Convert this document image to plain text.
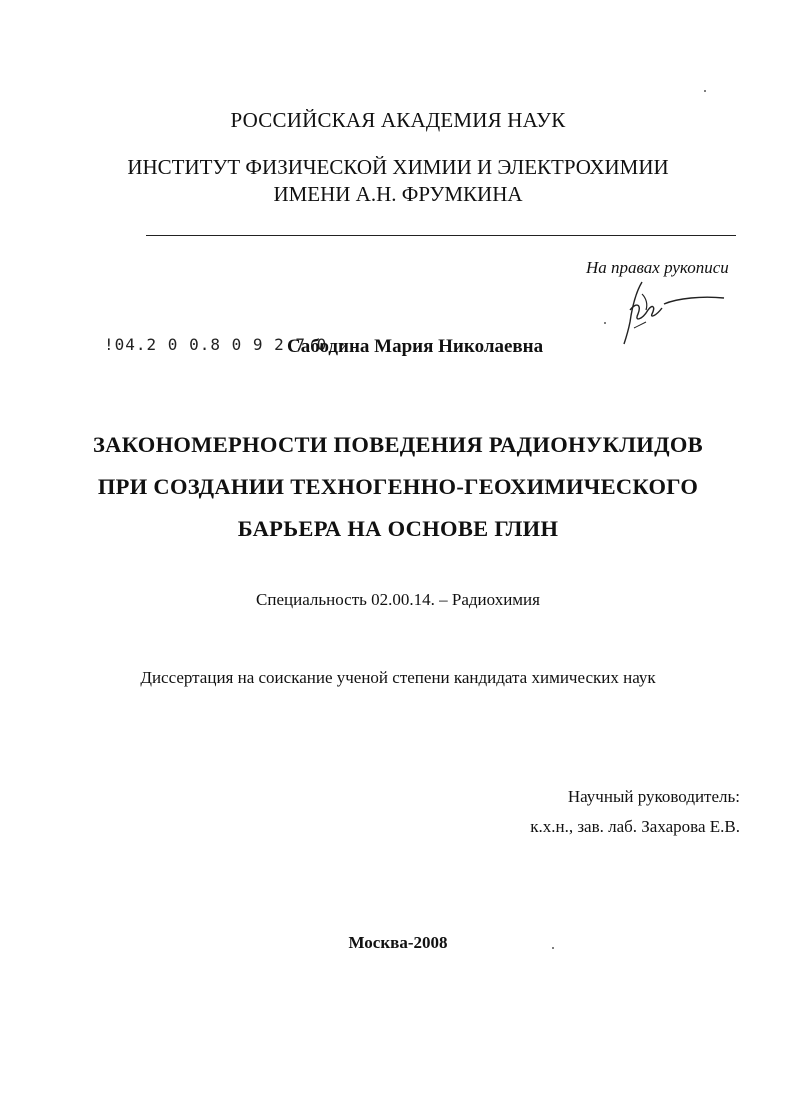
РОССИЙСКАЯ АКАДЕМИЯ НАУК
ИНСТИТУТ ФИЗИЧЕСКОЙ ХИМИИ И ЭЛЕКТРОХИМИИ
ИМЕНИ А.Н. ФРУМКИНА
На правах рукописи
!04.2 0 0.8 0 9 2 7 0 ·
Сабодина Мария Николаевна
ЗАКОНОМЕРНОСТИ ПОВЕДЕНИЯ РАДИОНУКЛИДОВ
ПРИ СОЗДАНИИ ТЕХНОГЕННО-ГЕОХИМИЧЕСКОГО
БАРЬЕРА НА ОСНОВЕ ГЛИН
Специальность 02.00.14. – Радиохимия
Диссертация на соискание ученой степени кандидата химических наук
Научный руководитель:
к.х.н., зав. лаб. Захарова Е.В.
Москва-2008
